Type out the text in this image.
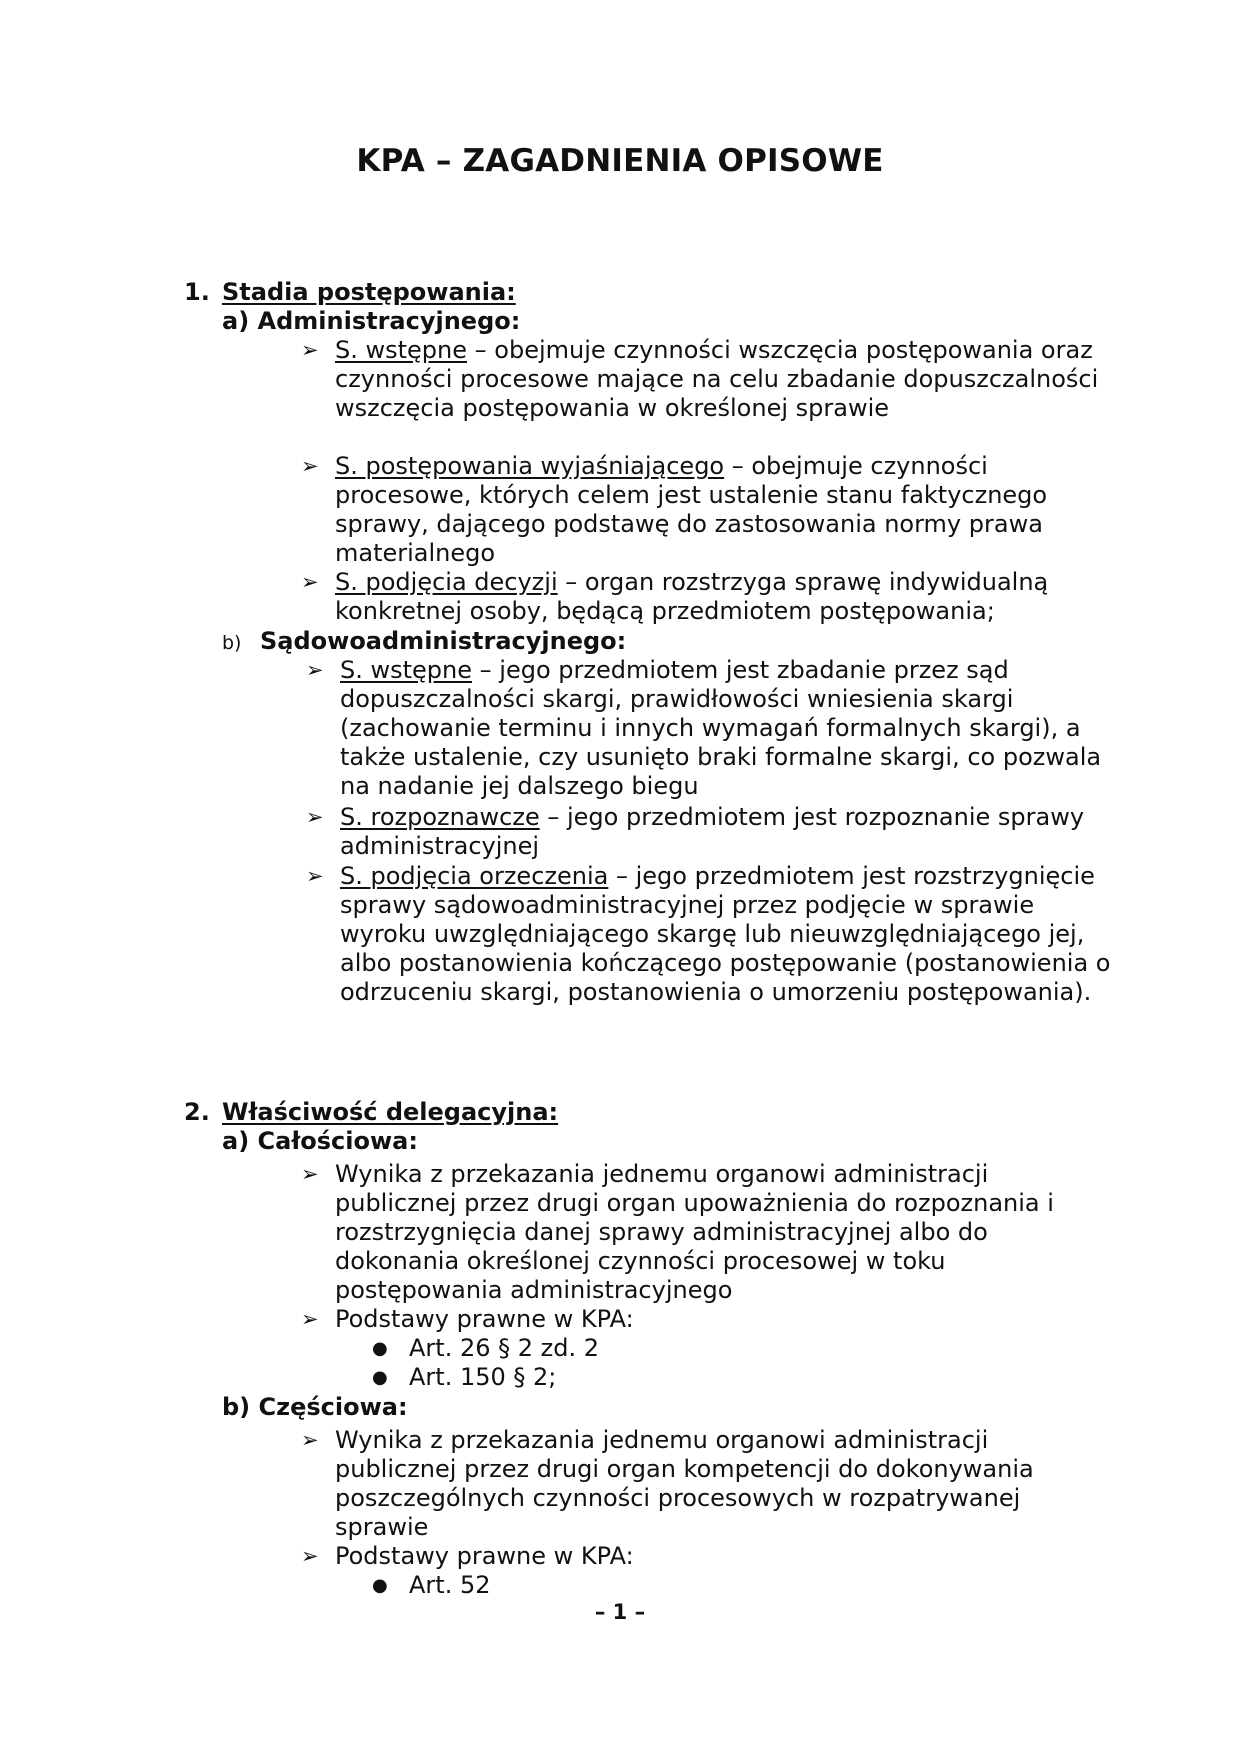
KPA – ZAGADNIENIA OPISOWE
1. Stadia postępowania:
a) Administracyjnego:
➢ S. wstępne – obejmuje czynności wszczęcia postępowania oraz czynności procesowe mające na celu zbadanie dopuszczalności wszczęcia postępowania w określonej sprawie
➢ S. postępowania wyjaśniającego – obejmuje czynności procesowe, których celem jest ustalenie stanu faktycznego sprawy, dającego podstawę do zastosowania normy prawa materialnego
➢ S. podjęcia decyzji – organ rozstrzyga sprawę indywidualną konkretnej osoby, będącą przedmiotem postępowania;
b) Sądowoadministracyjnego:
➢ S. wstępne – jego przedmiotem jest zbadanie przez sąd dopuszczalności skargi, prawidłowości wniesienia skargi (zachowanie terminu i innych wymagań formalnych skargi), a także ustalenie, czy usunięto braki formalne skargi, co pozwala na nadanie jej dalszego biegu
➢ S. rozpoznawcze – jego przedmiotem jest rozpoznanie sprawy administracyjnej
➢ S. podjęcia orzeczenia – jego przedmiotem jest rozstrzygnięcie sprawy sądowoadministracyjnej przez podjęcie w sprawie wyroku uwzględniającego skargę lub nieuwzględniającego jej, albo postanowienia kończącego postępowanie (postanowienia o odrzuceniu skargi, postanowienia o umorzeniu postępowania).
2. Właściwość delegacyjna:
a) Całościowa:
➢ Wynika z przekazania jednemu organowi administracji publicznej przez drugi organ upoważnienia do rozpoznania i rozstrzygnięcia danej sprawy administracyjnej albo do dokonania określonej czynności procesowej w toku postępowania administracyjnego
➢ Podstawy prawne w KPA:
● Art. 26 § 2 zd. 2
● Art. 150 § 2;
b) Częściowa:
➢ Wynika z przekazania jednemu organowi administracji publicznej przez drugi organ kompetencji do dokonywania poszczególnych czynności procesowych w rozpatrywanej sprawie
➢ Podstawy prawne w KPA:
● Art. 52
– 1 –
